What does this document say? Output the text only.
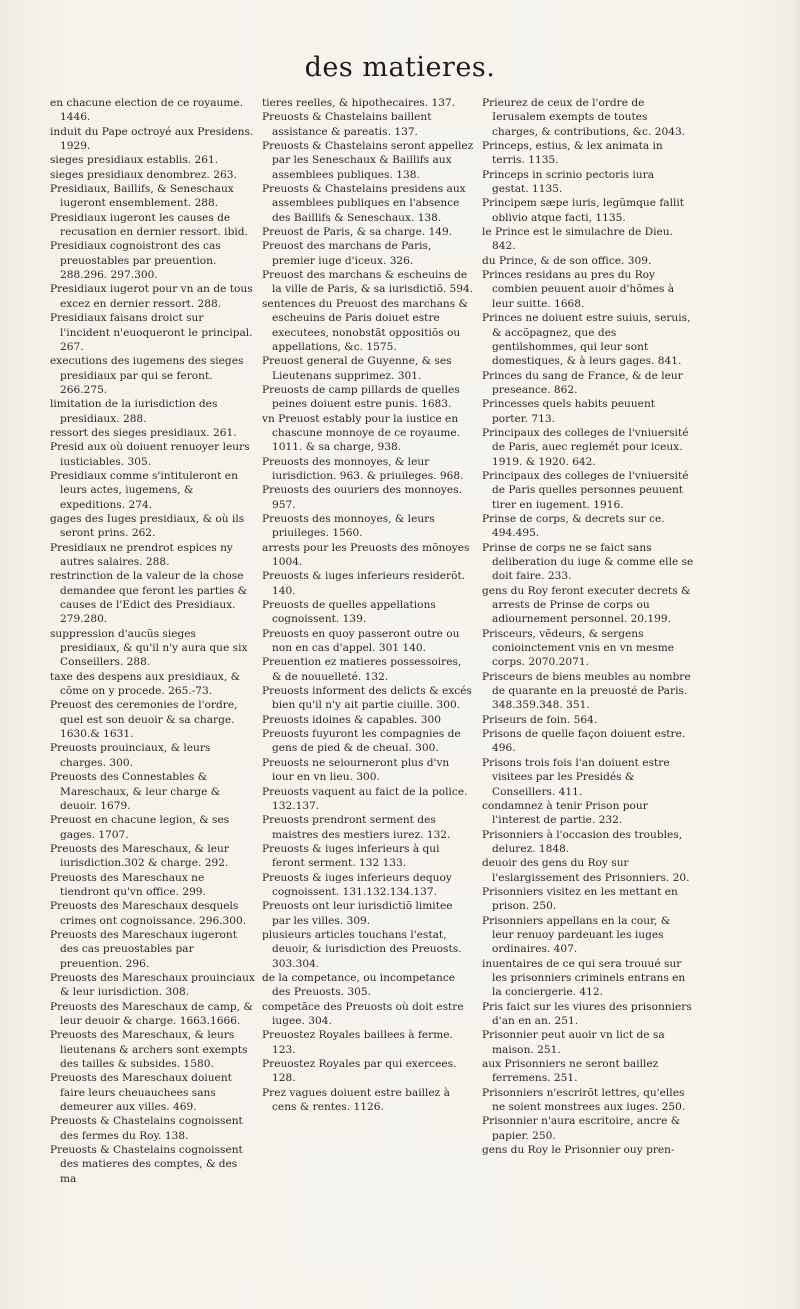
des matieres.

en chacune election de ce royaume. 1446.

induit du Pape octroyé aux Presidens. 1929.

sieges presidiaux establis. 261.

sieges presidiaux denombrez. 263.

Presidiaux, Baillifs, & Seneschaux iugeront ensemblement. 288.

Presidiaux iugeront les causes de recusation en dernier ressort. ibid.

Presidiaux cognoistront des cas preuostables par preuention. 288.296. 297.300.

Presidiaux iugerot pour vn an de tous excez en dernier ressort. 288.

Presidiaux faisans droict sur l'incident n'euoqueront le principal. 267.

executions des iugemens des sieges presidiaux par qui se feront. 266.275.

limitation de la iurisdiction des presidiaux. 288.

ressort des sieges presidiaux. 261.

Presid aux où doiuent renuoyer leurs iusticiables. 305.

Presidiaux comme s'intituleront en leurs actes, iugemens, & expeditions. 274.

gages des Iuges presidiaux, & où ils seront prins. 262.

Presidiaux ne prendrot espices ny autres salaires. 288.

restrinction de la valeur de la chose demandee que feront les parties & causes de l'Edict des Presidiaux. 279.280.

suppression d'aucũs sieges presidiaux, & qu'il n'y aura que six Conseillers. 288.

taxe des despens aux presidiaux, & cõme on y procede. 265.-73.

Preuost des ceremonies de l'ordre, quel est son deuoir & sa charge. 1630.& 1631.

Preuosts prouinciaux, & leurs charges. 300.

Preuosts des Connestables & Mareschaux, & leur charge & deuoir. 1679.

Preuost en chacune legion, & ses gages. 1707.

Preuosts des Mareschaux, & leur iurisdiction.302 & charge. 292.

Preuosts des Mareschaux ne tiendront qu'vn office. 299.

Preuosts des Mareschaux desquels crimes ont cognoissance. 296.300.

Preuosts des Mareschaux iugeront des cas preuostables par preuention. 296.

Preuosts des Mareschaux prouinciaux & leur iurisdiction. 308.

Preuosts des Mareschaux de camp, & leur deuoir & charge. 1663.1666.

Preuosts des Mareschaux, & leurs lieutenans & archers sont exempts des tailles & subsides. 1580.

Preuosts des Mareschaux doiuent faire leurs cheuauchees sans demeurer aux villes. 469.

Preuosts & Chastelains cognoissent des fermes du Roy. 138.

Preuosts & Chastelains cognoissent des matieres des comptes, & des ma

tieres reelles, & hipothecaires. 137.

Preuosts & Chastelains baillent assistance & pareatis. 137.

Preuosts & Chastelains seront appellez par les Seneschaux & Baillifs aux assemblees publiques. 138.

Preuosts & Chastelains presidens aux assemblees publiques en l'absence des Baillifs & Seneschaux. 138.

Preuost de Paris, & sa charge. 149.

Preuost des marchans de Paris, premier iuge d'iceux. 326.

Preuost des marchans & escheuins de la ville de Paris, & sa iurisdictiõ. 594.

sentences du Preuost des marchans & escheuins de Paris doiuet estre executees, nonobstãt oppositiõs ou appellations, &c. 1575.

Preuost general de Guyenne, & ses Lieutenans supprimez. 301.

Preuosts de camp pillards de quelles peines doiuent estre punis. 1683.

vn Preuost estably pour la iustice en chascune monnoye de ce royaume. 1011. & sa charge, 938.

Preuosts des monnoyes, & leur iurisdiction. 963. & priuileges. 968.

Preuosts des ouuriers des monnoyes. 957.

Preuosts des monnoyes, & leurs priuileges. 1560.

arrests pour les Preuosts des mõnoyes 1004.

Preuosts & iuges inferieurs residerõt. 140.

Preuosts de quelles appellations cognoissent. 139.

Preuosts en quoy passeront outre ou non en cas d'appel. 301 140.

Preuention ez matieres possessoires, & de nouuelleté. 132.

Preuosts informent des delicts & excés bien qu'il n'y ait partie ciuille. 300.

Preuosts idoines & capables. 300

Preuosts fuyuront les compagnies de gens de pied & de cheual. 300.

Preuosts ne seiourneront plus d'vn iour en vn lieu. 300.

Preuosts vaquent au faict de la police. 132.137.

Preuosts prendront serment des maistres des mestiers iurez. 132.

Preuosts & iuges inferieurs à qui feront serment. 132 133.

Preuosts & iuges inferieurs dequoy cognoissent. 131.132.134.137.

Preuosts ont leur iurisdictiõ limitee par les villes. 309.

plusieurs articles touchans l'estat, deuoir, & iurisdiction des Preuosts. 303.304.

de la competance, ou incompetance des Preuosts. 305.

competãce des Preuosts où doit estre iugee. 304.

Preuostez Royales baillees à ferme. 123.

Preuostez Royales par qui exercees. 128.

Prez vagues doiuent estre baillez à cens & rentes. 1126.

Prieurez de ceux de l'ordre de Ierusalem exempts de toutes charges, & contributions, &c. 2043.

Princeps, estius, & lex animata in terris. 1135.

Princeps in scrinio pectoris iura gestat. 1135.

Principem sæpe iuris, legũmque fallit oblivio atque facti, 1135.

le Prince est le simulachre de Dieu. 842.

du Prince, & de son office. 309.

Princes residans au pres du Roy combien peuuent auoir d'hõmes à leur suitte. 1668.

Princes ne doiuent estre suiuis, seruis, & accõpagnez, que des gentilshommes, qui leur sont domestiques, & à leurs gages. 841.

Princes du sang de France, & de leur preseance. 862.

Princesses quels habits peuuent porter. 713.

Principaux des colleges de l'vniuersité de Paris, auec reglemét pour iceux. 1919. & 1920. 642.

Principaux des colleges de l'vniuersité de Paris quelles personnes peuuent tirer en iugement. 1916.

Prinse de corps, & decrets sur ce. 494.495.

Prinse de corps ne se faict sans deliberation du iuge & comme elle se doit faire. 233.

gens du Roy feront executer decrets & arrests de Prinse de corps ou adiournement personnel. 20.199.

Prisceurs, vẽdeurs, & sergens conioinctement vnis en vn mesme corps. 2070.2071.

Prisceurs de biens meubles au nombre de quarante en la preuosté de Paris. 348.359.348. 351.

Priseurs de foin. 564.

Prisons de quelle façon doiuent estre. 496.

Prisons trois fois l'an doiuent estre visitees par les Presidés & Conseillers. 411.

condamnez à tenir Prison pour l'interest de partie. 232.

Prisonniers à l'occasion des troubles, delurez. 1848.

deuoir des gens du Roy sur l'eslargissement des Prisonniers. 20.

Prisonniers visitez en les mettant en prison. 250.

Prisonniers appellans en la cour, & leur renuoy pardeuant les iuges ordinaires. 407.

inuentaires de ce qui sera trouué sur les prisonniers criminels entrans en la conciergerie. 412.

Pris faict sur les viures des prisonniers d'an en an. 251.

Prisonnier peut auoir vn lict de sa maison. 251.

aux Prisonniers ne seront baillez ferremens. 251.

Prisonniers n'escrirõt lettres, qu'elles ne soient monstrees aux iuges. 250.

Prisonnier n'aura escritoire, ancre & papier. 250.

gens du Roy le Prisonnier ouy pren-
